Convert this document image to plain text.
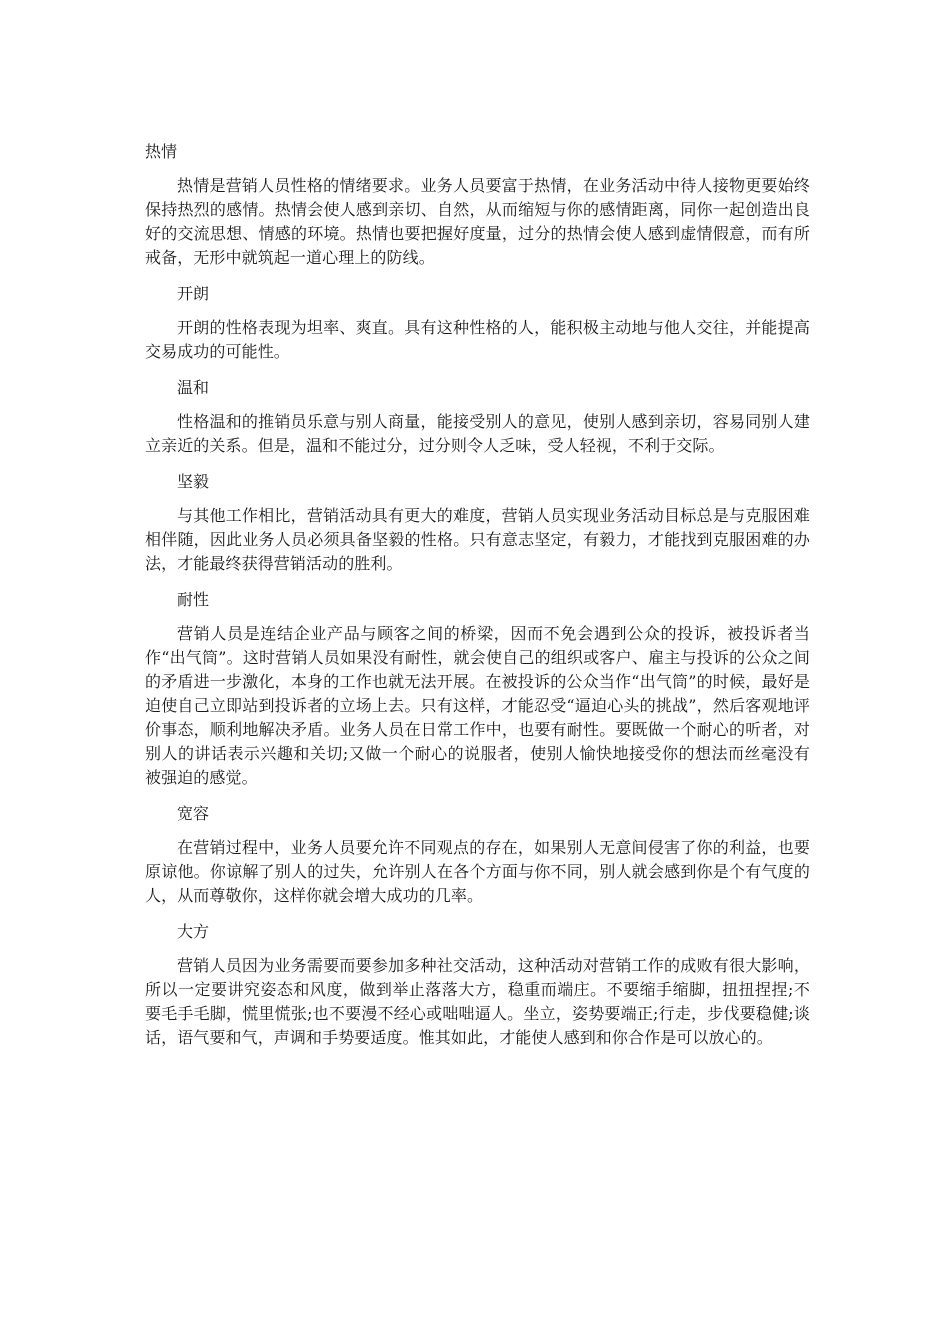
热情

热情是营销人员性格的情绪要求。业务人员要富于热情，在业务活动中待人接物更要始终保持热烈的感情。热情会使人感到亲切、自然，从而缩短与你的感情距离，同你一起创造出良好的交流思想、情感的环境。热情也要把握好度量，过分的热情会使人感到虚情假意，而有所戒备，无形中就筑起一道心理上的防线。

开朗

开朗的性格表现为坦率、爽直。具有这种性格的人，能积极主动地与他人交往，并能提高交易成功的可能性。

温和

性格温和的推销员乐意与别人商量，能接受别人的意见，使别人感到亲切，容易同别人建立亲近的关系。但是，温和不能过分，过分则令人乏味，受人轻视，不利于交际。

坚毅

与其他工作相比，营销活动具有更大的难度，营销人员实现业务活动目标总是与克服困难相伴随，因此业务人员必须具备坚毅的性格。只有意志坚定，有毅力，才能找到克服困难的办法，才能最终获得营销活动的胜利。

耐性

营销人员是连结企业产品与顾客之间的桥梁，因而不免会遇到公众的投诉，被投诉者当作“出气筒”。这时营销人员如果没有耐性，就会使自己的组织或客户、雇主与投诉的公众之间的矛盾进一步激化，本身的工作也就无法开展。在被投诉的公众当作“出气筒”的时候，最好是迫使自己立即站到投诉者的立场上去。只有这样，才能忍受“逼迫心头的挑战”，然后客观地评价事态，顺利地解决矛盾。业务人员在日常工作中，也要有耐性。要既做一个耐心的听者，对别人的讲话表示兴趣和关切;又做一个耐心的说服者，使别人愉快地接受你的想法而丝毫没有被强迫的感觉。

宽容

在营销过程中，业务人员要允许不同观点的存在，如果别人无意间侵害了你的利益，也要原谅他。你谅解了别人的过失，允许别人在各个方面与你不同，别人就会感到你是个有气度的人，从而尊敬你，这样你就会增大成功的几率。

大方

营销人员因为业务需要而要参加多种社交活动，这种活动对营销工作的成败有很大影响，所以一定要讲究姿态和风度，做到举止落落大方，稳重而端庄。不要缩手缩脚，扭扭捏捏;不要毛手毛脚，慌里慌张;也不要漫不经心或咄咄逼人。坐立，姿势要端正;行走，步伐要稳健;谈话，语气要和气，声调和手势要适度。惟其如此，才能使人感到和你合作是可以放心的。
